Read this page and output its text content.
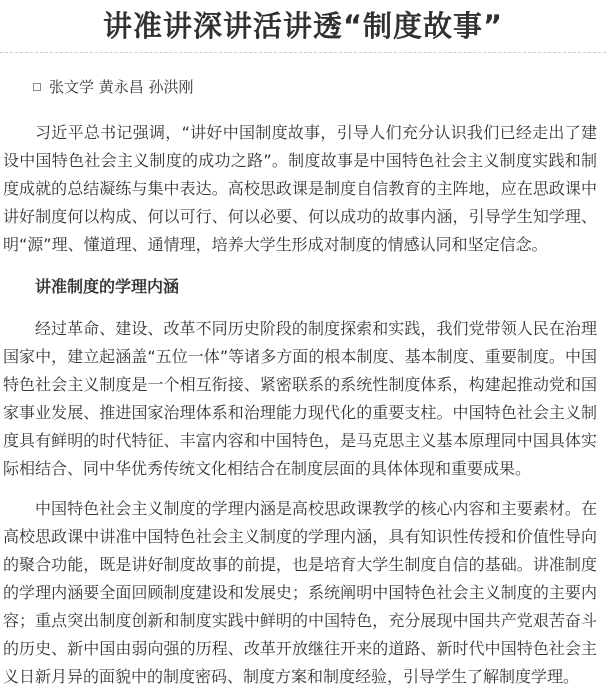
讲准讲深讲活讲透“制度故事”
张文学 黄永昌 孙洪刚

习近平总书记强调，“讲好中国制度故事，引导人们充分认识我们已经走出了建设中国特色社会主义制度的成功之路”。制度故事是中国特色社会主义制度实践和制度成就的总结凝练与集中表达。高校思政课是制度自信教育的主阵地，应在思政课中讲好制度何以构成、何以可行、何以必要、何以成功的故事内涵，引导学生知学理、明“源”理、懂道理、通情理，培养大学生形成对制度的情感认同和坚定信念。

讲准制度的学理内涵

经过革命、建设、改革不同历史阶段的制度探索和实践，我们党带领人民在治理国家中，建立起涵盖“五位一体”等诸多方面的根本制度、基本制度、重要制度。中国特色社会主义制度是一个相互衔接、紧密联系的系统性制度体系，构建起推动党和国家事业发展、推进国家治理体系和治理能力现代化的重要支柱。中国特色社会主义制度具有鲜明的时代特征、丰富内容和中国特色，是马克思主义基本原理同中国具体实际相结合、同中华优秀传统文化相结合在制度层面的具体体现和重要成果。

中国特色社会主义制度的学理内涵是高校思政课教学的核心内容和主要素材。在高校思政课中讲准中国特色社会主义制度的学理内涵，具有知识性传授和价值性导向的聚合功能，既是讲好制度故事的前提，也是培育大学生制度自信的基础。讲准制度的学理内涵要全面回顾制度建设和发展史；系统阐明中国特色社会主义制度的主要内容；重点突出制度创新和制度实践中鲜明的中国特色，充分展现中国共产党艰苦奋斗的历史、新中国由弱向强的历程、改革开放继往开来的道路、新时代中国特色社会主义日新月异的面貌中的制度密码、制度方案和制度经验，引导学生了解制度学理。
